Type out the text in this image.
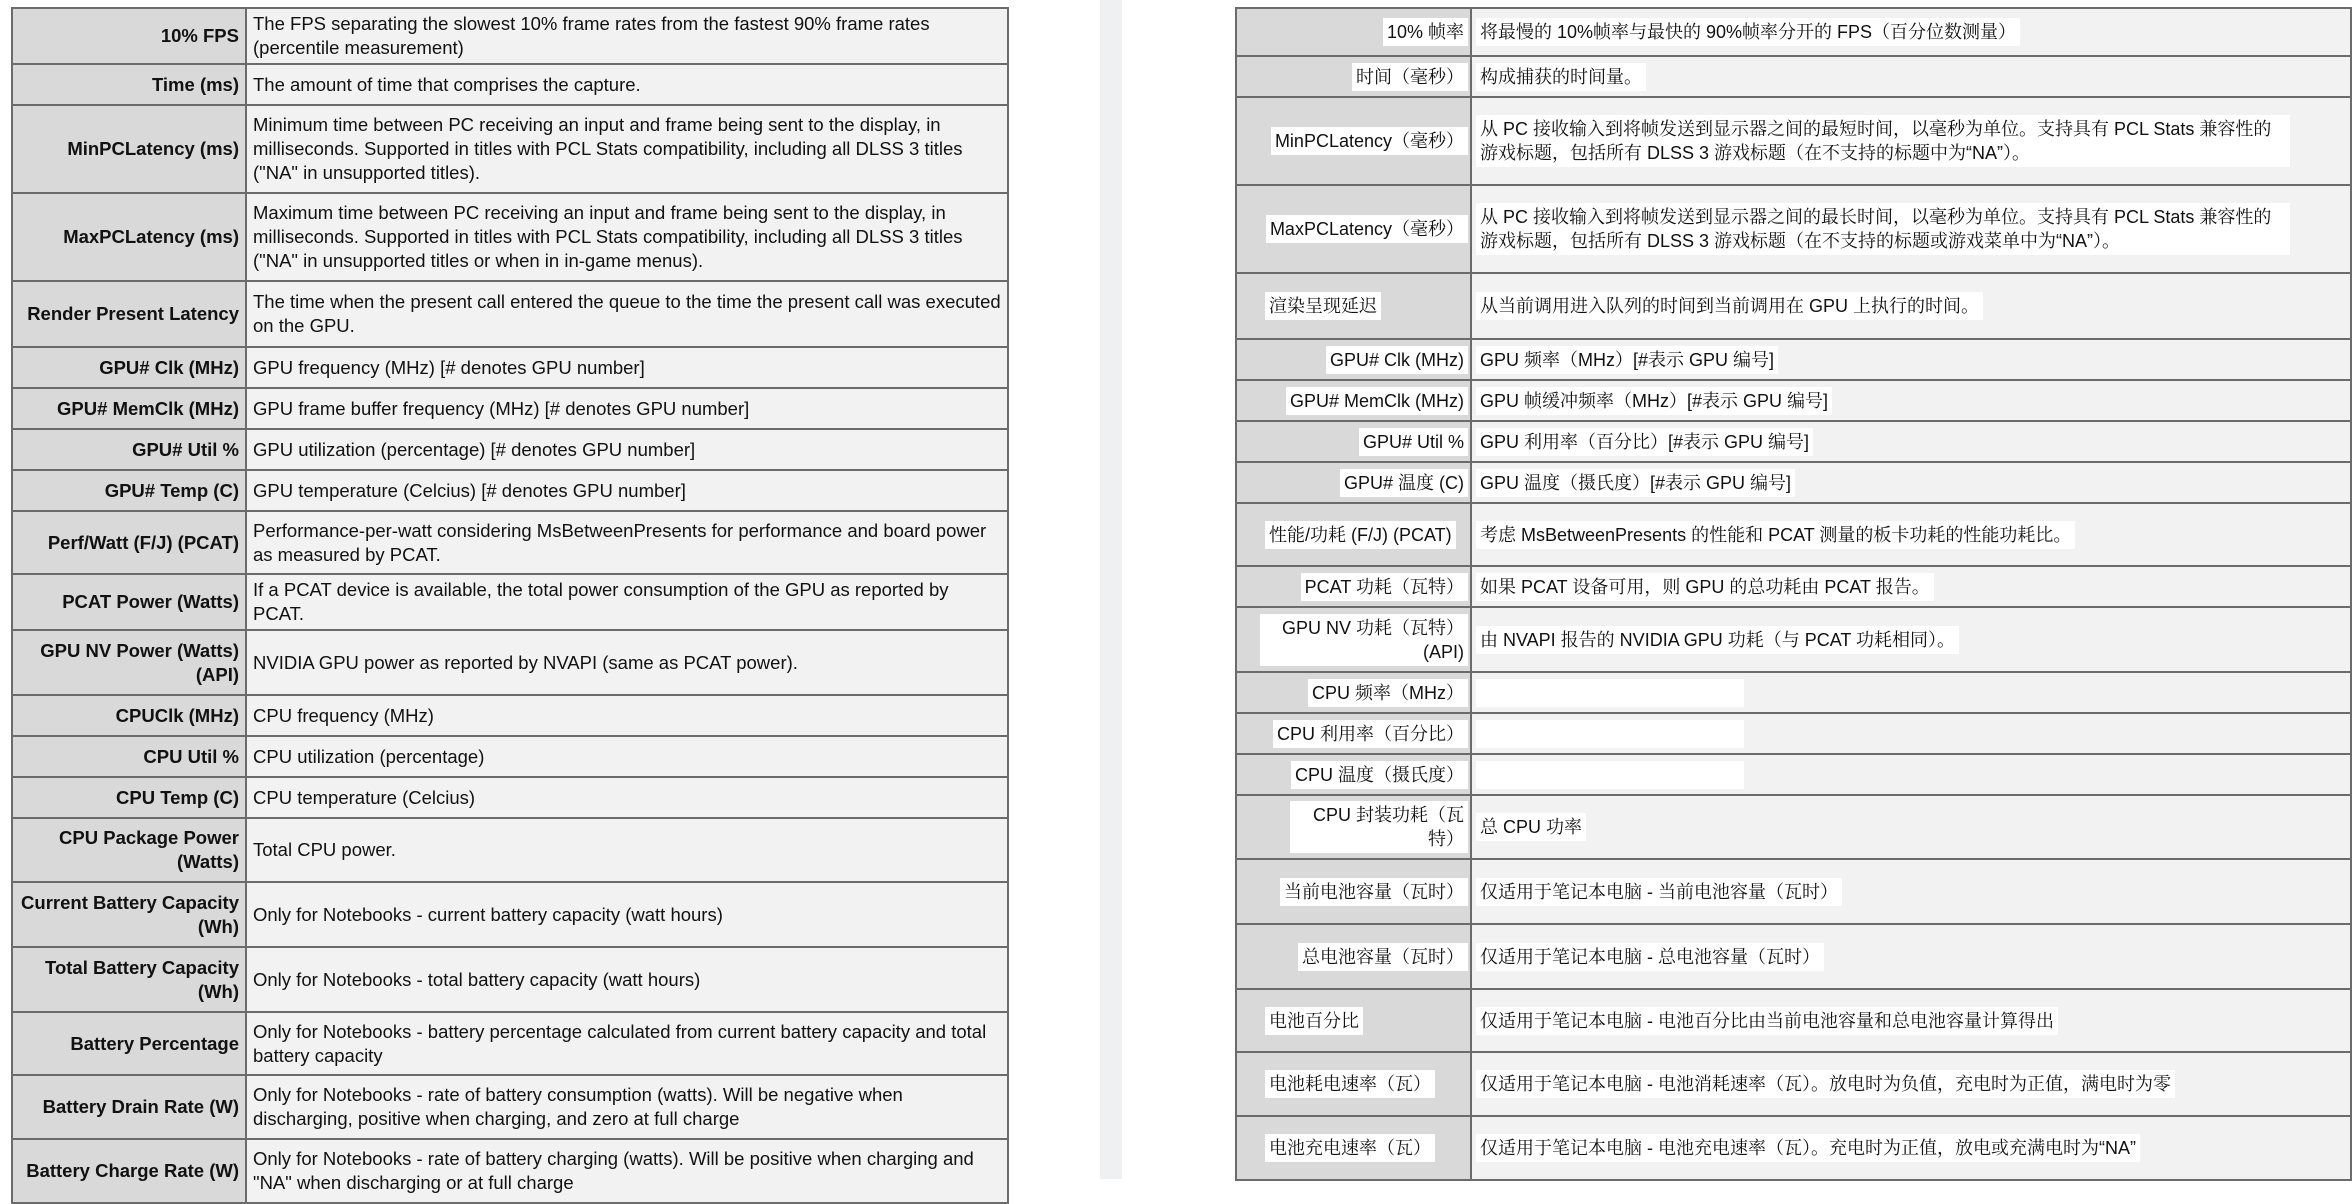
10% FPS	The FPS separating the slowest 10% frame rates from the fastest 90% frame rates (percentile measurement)
Time (ms)	The amount of time that comprises the capture.
MinPCLatency (ms)	Minimum time between PC receiving an input and frame being sent to the display, in milliseconds. Supported in titles with PCL Stats compatibility, including all DLSS 3 titles ("NA" in unsupported titles).
MaxPCLatency (ms)	Maximum time between PC receiving an input and frame being sent to the display, in milliseconds. Supported in titles with PCL Stats compatibility, including all DLSS 3 titles ("NA" in unsupported titles or when in in-game menus).
Render Present Latency	The time when the present call entered the queue to the time the present call was executed on the GPU.
GPU# Clk (MHz)	GPU frequency (MHz) [# denotes GPU number]
GPU# MemClk (MHz)	GPU frame buffer frequency (MHz) [# denotes GPU number]
GPU# Util %	GPU utilization (percentage) [# denotes GPU number]
GPU# Temp (C)	GPU temperature (Celcius) [# denotes GPU number]
Perf/Watt (F/J) (PCAT)	Performance-per-watt considering MsBetweenPresents for performance and board power as measured by PCAT.
PCAT Power (Watts)	If a PCAT device is available, the total power consumption of the GPU as reported by PCAT.
GPU NV Power (Watts) (API)	NVIDIA GPU power as reported by NVAPI (same as PCAT power).
CPUClk (MHz)	CPU frequency (MHz)
CPU Util %	CPU utilization (percentage)
CPU Temp (C)	CPU temperature (Celcius)
CPU Package Power (Watts)	Total CPU power.
Current Battery Capacity (Wh)	Only for Notebooks - current battery capacity (watt hours)
Total Battery Capacity (Wh)	Only for Notebooks - total battery capacity (watt hours)
Battery Percentage	Only for Notebooks - battery percentage calculated from current battery capacity and total battery capacity
Battery Drain Rate (W)	Only for Notebooks - rate of battery consumption (watts). Will be negative when discharging, positive when charging, and zero at full charge
Battery Charge Rate (W)	Only for Notebooks - rate of battery charging (watts). Will be positive when charging and "NA" when discharging or at full charge
10% 帧率	将最慢的 10%帧率与最快的 90%帧率分开的 FPS（百分位数测量）

时间（毫秒）	构成捕获的时间量。

MinPCLatency（毫秒）	从 PC 接收输入到将帧发送到显示器之间的最短时间，以毫秒为单位。支持具有 PCL Stats 兼容性的游戏标题，包括所有 DLSS 3 游戏标题（在不支持的标题中为“NA”）。

MaxPCLatency（毫秒）	从 PC 接收输入到将帧发送到显示器之间的最长时间，以毫秒为单位。支持具有 PCL Stats 兼容性的游戏标题，包括所有 DLSS 3 游戏标题（在不支持的标题或游戏菜单中为“NA”）。

渲染呈现延迟	从当前调用进入队列的时间到当前调用在 GPU 上执行的时间。

GPU# Clk (MHz)	GPU 频率（MHz）[#表示 GPU 编号]

GPU# MemClk (MHz)	GPU 帧缓冲频率（MHz）[#表示 GPU 编号]

GPU# Util %	GPU 利用率（百分比）[#表示 GPU 编号]

GPU# 温度 (C)	GPU 温度（摄氏度）[#表示 GPU 编号]

性能/功耗 (F/J) (PCAT)	考虑 MsBetweenPresents 的性能和 PCAT 测量的板卡功耗的性能功耗比。

PCAT 功耗（瓦特）	如果 PCAT 设备可用，则 GPU 的总功耗由 PCAT 报告。

GPU NV 功耗（瓦特）(API)	由 NVAPI 报告的 NVIDIA GPU 功耗（与 PCAT 功耗相同）。

CPU 频率（MHz）	

CPU 利用率（百分比）	

CPU 温度（摄氏度）	

CPU 封装功耗（瓦特）	总 CPU 功率

当前电池容量（瓦时）	仅适用于笔记本电脑 - 当前电池容量（瓦时）

总电池容量（瓦时）	仅适用于笔记本电脑 - 总电池容量（瓦时）

电池百分比	仅适用于笔记本电脑 - 电池百分比由当前电池容量和总电池容量计算得出

电池耗电速率（瓦）	仅适用于笔记本电脑 - 电池消耗速率（瓦）。放电时为负值，充电时为正值，满电时为零

电池充电速率（瓦）	仅适用于笔记本电脑 - 电池充电速率（瓦）。充电时为正值，放电或充满电时为“NA”
